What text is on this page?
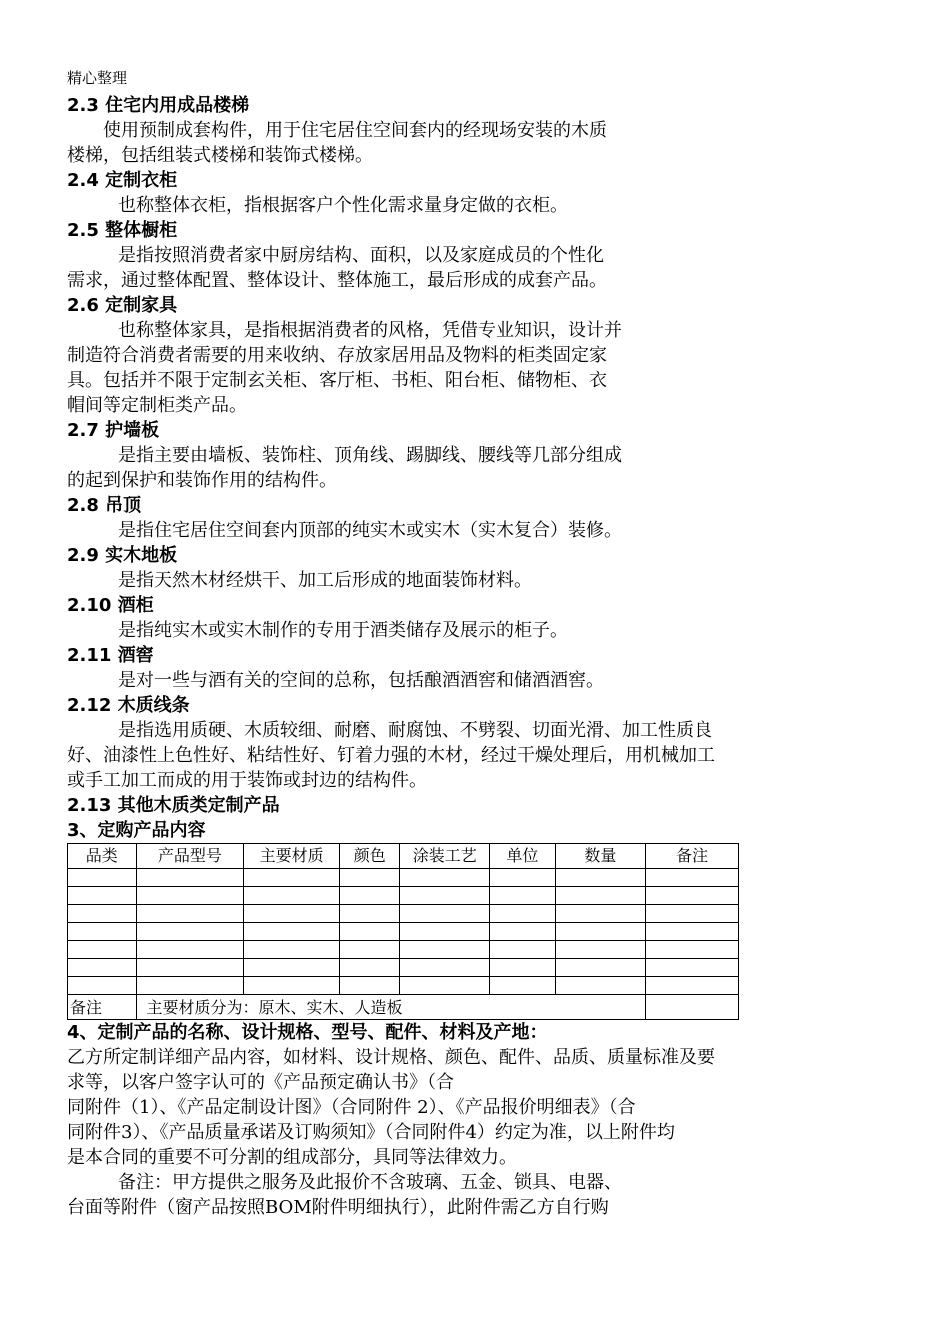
精心整理
2.3 住宅内用成品楼梯
使用预制成套构件，用于住宅居住空间套内的经现场安装的木质
楼梯，包括组装式楼梯和装饰式楼梯。
2.4 定制衣柜
也称整体衣柜，指根据客户个性化需求量身定做的衣柜。
2.5 整体橱柜
是指按照消费者家中厨房结构、面积，以及家庭成员的个性化
需求，通过整体配置、整体设计、整体施工，最后形成的成套产品。
2.6 定制家具
也称整体家具，是指根据消费者的风格，凭借专业知识，设计并
制造符合消费者需要的用来收纳、存放家居用品及物料的柜类固定家
具。包括并不限于定制玄关柜、客厅柜、书柜、阳台柜、储物柜、衣
帽间等定制柜类产品。
2.7 护墙板
是指主要由墙板、装饰柱、顶角线、踢脚线、腰线等几部分组成
的起到保护和装饰作用的结构件。
2.8 吊顶
是指住宅居住空间套内顶部的纯实木或实木（实木复合）装修。
2.9 实木地板
是指天然木材经烘干、加工后形成的地面装饰材料。
2.10 酒柜
是指纯实木或实木制作的专用于酒类储存及展示的柜子。
2.11 酒窖
是对一些与酒有关的空间的总称，包括酿酒酒窖和储酒酒窖。
2.12 木质线条
是指选用质硬、木质较细、耐磨、耐腐蚀、不劈裂、切面光滑、加工性质良
好、油漆性上色性好、粘结性好、钉着力强的木材，经过干燥处理后，用机械加工
或手工加工而成的用于装饰或封边的结构件。
2.13 其他木质类定制产品
3、定购产品内容
品类	产品型号	主要材质	颜色	涂装工艺	单位	数量	备注

备注	主要材质分为：原木、实木、人造板						
4、定制产品的名称、设计规格、型号、配件、材料及产地：
乙方所定制详细产品内容，如材料、设计规格、颜色、配件、品质、质量标准及要
求等，以客户签字认可的《产品预定确认书》（合
同附件（1）、《产品定制设计图》（合同附件 2）、《产品报价明细表》（合
同附件3）、《产品质量承诺及订购须知》（合同附件4）约定为准，以上附件均
是本合同的重要不可分割的组成部分，具同等法律效力。
备注：甲方提供之服务及此报价不含玻璃、五金、锁具、电器、
台面等附件（窗产品按照BOM附件明细执行），此附件需乙方自行购
